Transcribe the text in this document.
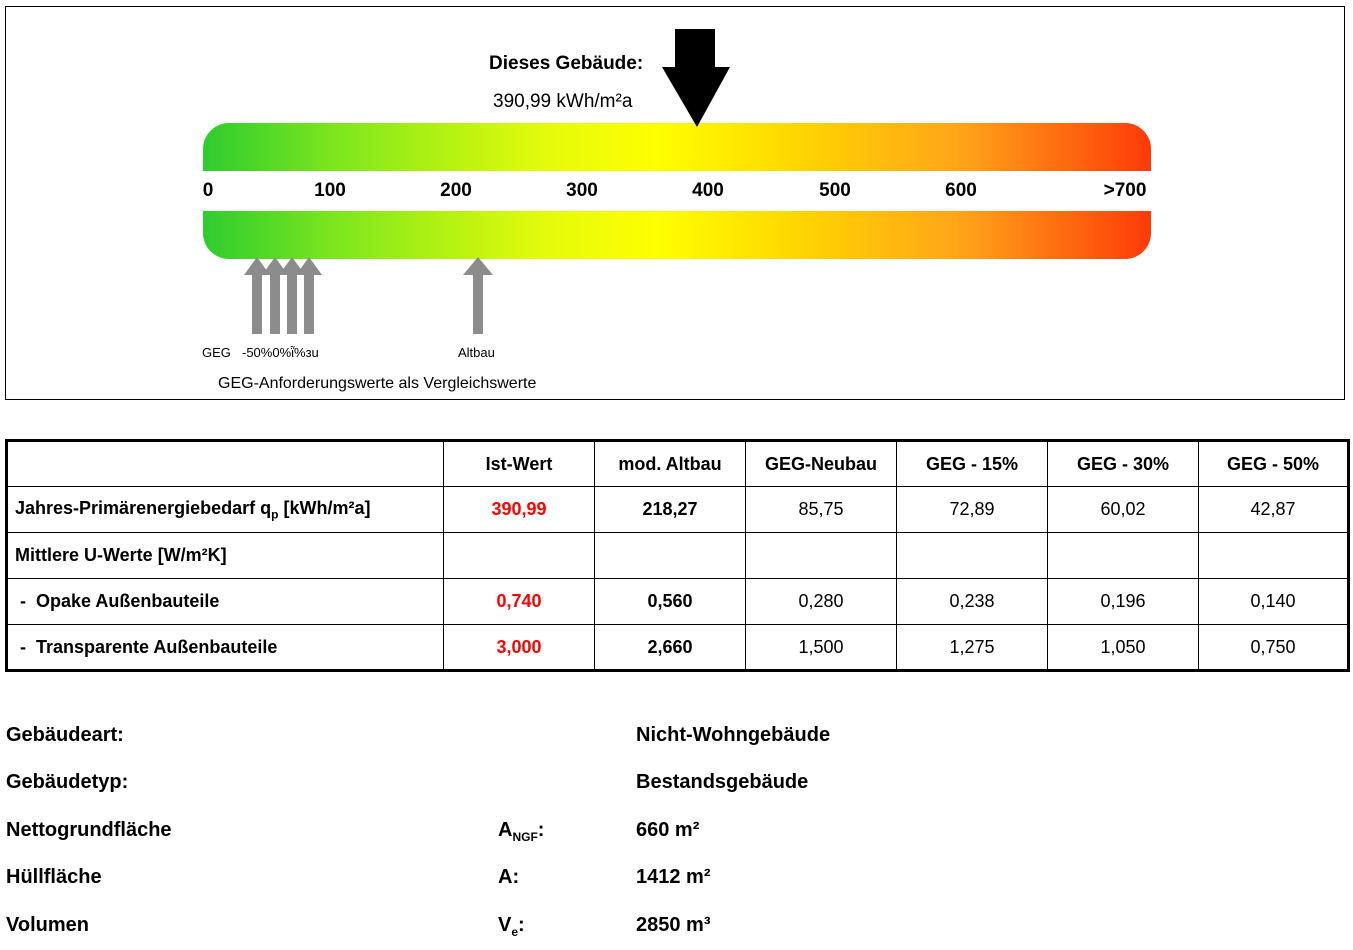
Dieses Gebäude:
390,99 kWh/m²a
0	100	200	300	400	500	600	>700
GEG -50%0%ῗ%ᴈu	Altbau
GEG-Anforderungswerte als Vergleichswerte
	Ist-Wert	mod. Altbau	GEG-Neubau	GEG - 15%	GEG - 30%	GEG - 50%
Jahres-Primärenergiebedarf $q_p$ [kWh/m²a]	390,99	218,27	85,75	72,89	60,02	42,87
Mittlere U-Werte [W/m²K]						
-  Opake Außenbauteile	0,740	0,560	0,280	0,238	0,196	0,140
-  Transparente Außenbauteile	3,000	2,660	1,500	1,275	1,050	0,750
Gebäudeart:	Nicht-Wohngebäude
Gebäudetyp:	Bestandsgebäude
Nettogrundfläche	$A_{NGF}$:	660 m²
Hüllfläche	A:	1412 m²
Volumen	$V_e$:	2850 m³
